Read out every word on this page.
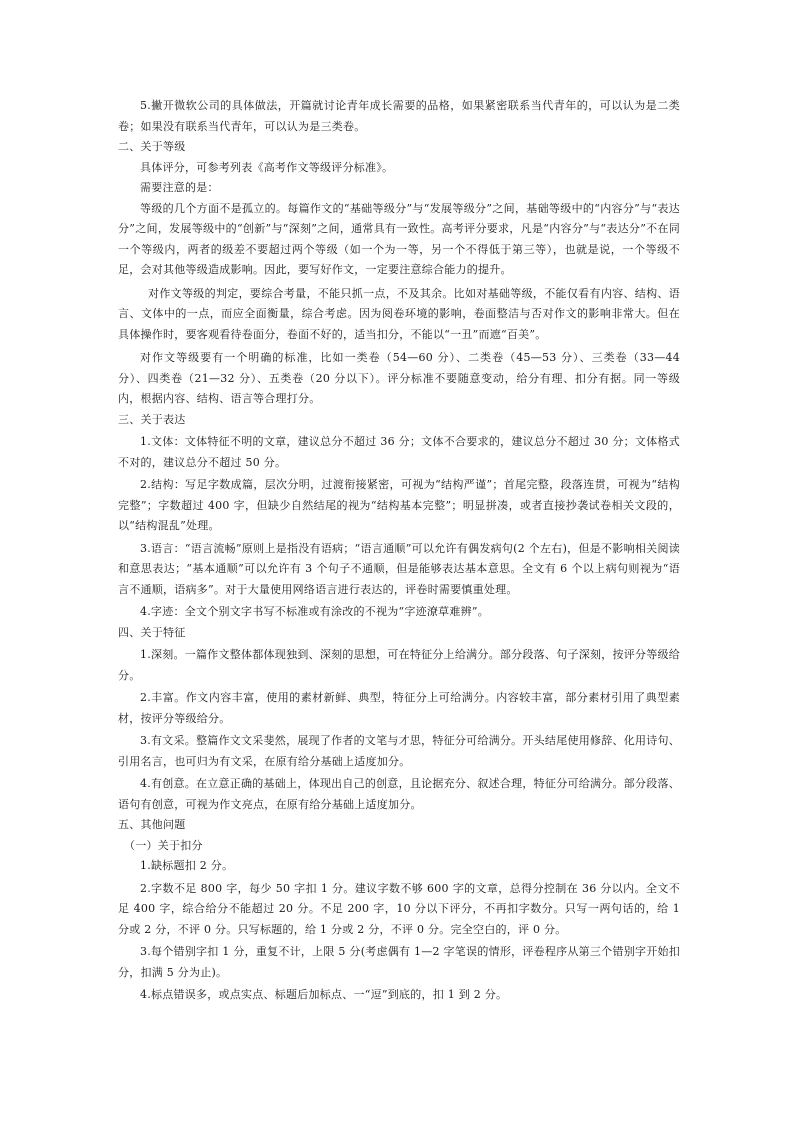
5.撇开微软公司的具体做法，开篇就讨论青年成长需要的品格，如果紧密联系当代青年的，可以认为是二类卷；如果没有联系当代青年，可以认为是三类卷。

二、关于等级

具体评分，可参考列表《高考作文等级评分标准》。

需要注意的是：

等级的几个方面不是孤立的。每篇作文的“基础等级分”与“发展等级分”之间，基础等级中的“内容分”与“表达分”之间，发展等级中的“创新”与“深刻”之间，通常具有一致性。高考评分要求，凡是“内容分”与“表达分”不在同一个等级内，两者的级差不要超过两个等级（如一个为一等，另一个不得低于第三等），也就是说，一个等级不足，会对其他等级造成影响。因此，要写好作文，一定要注意综合能力的提升。

对作文等级的判定，要综合考量，不能只抓一点，不及其余。比如对基础等级，不能仅看有内容、结构、语言、文体中的一点，而应全面衡量，综合考虑。因为阅卷环境的影响，卷面整洁与否对作文的影响非常大。但在具体操作时，要客观看待卷面分，卷面不好的，适当扣分，不能以“一丑”而遮“百美”。

对作文等级要有一个明确的标准，比如一类卷（54—60 分）、二类卷（45—53 分）、三类卷（33—44 分）、四类卷（21—32 分）、五类卷（20 分以下）。评分标准不要随意变动，给分有理、扣分有据。同一等级内，根据内容、结构、语言等合理打分。

三、关于表达

1.文体：文体特征不明的文章，建议总分不超过 36 分；文体不合要求的，建议总分不超过 30 分；文体格式不对的，建议总分不超过 50 分。

2.结构：写足字数成篇，层次分明，过渡衔接紧密，可视为“结构严谨”；首尾完整，段落连贯，可视为“结构完整”；字数超过 400 字，但缺少自然结尾的视为“结构基本完整”；明显拼凑，或者直接抄袭试卷相关文段的，以“结构混乱”处理。

3.语言：“语言流畅”原则上是指没有语病；“语言通顺”可以允许有偶发病句(2 个左右)，但是不影响相关阅读和意思表达；“基本通顺”可以允许有 3 个句子不通顺，但是能够表达基本意思。全文有 6 个以上病句则视为“语言不通顺，语病多”。对于大量使用网络语言进行表达的，评卷时需要慎重处理。

4.字迹：全文个别文字书写不标准或有涂改的不视为“字迹潦草难辨”。

四、关于特征

1.深刻。一篇作文整体都体现独到、深刻的思想，可在特征分上给满分。部分段落、句子深刻，按评分等级给分。

2.丰富。作文内容丰富，使用的素材新鲜、典型，特征分上可给满分。内容较丰富，部分素材引用了典型素材，按评分等级给分。

3.有文采。整篇作文文采斐然，展现了作者的文笔与才思，特征分可给满分。开头结尾使用修辞、化用诗句、引用名言，也可归为有文采，在原有给分基础上适度加分。

4.有创意。在立意正确的基础上，体现出自己的创意，且论据充分、叙述合理，特征分可给满分。部分段落、语句有创意，可视为作文亮点，在原有给分基础上适度加分。

五、其他问题

（一）关于扣分

1.缺标题扣 2 分。

2.字数不足 800 字，每少 50 字扣 1 分。建议字数不够 600 字的文章，总得分控制在 36 分以内。全文不足 400 字，综合给分不能超过 20 分。不足 200 字，10 分以下评分，不再扣字数分。只写一两句话的，给 1 分或 2 分，不评 0 分。只写标题的，给 1 分或 2 分，不评 0 分。完全空白的，评 0 分。

3.每个错别字扣 1 分，重复不计，上限 5 分(考虑偶有 1—2 字笔误的情形，评卷程序从第三个错别字开始扣分，扣满 5 分为止)。

4.标点错误多，或点实点、标题后加标点、一“逗”到底的，扣 1 到 2 分。
